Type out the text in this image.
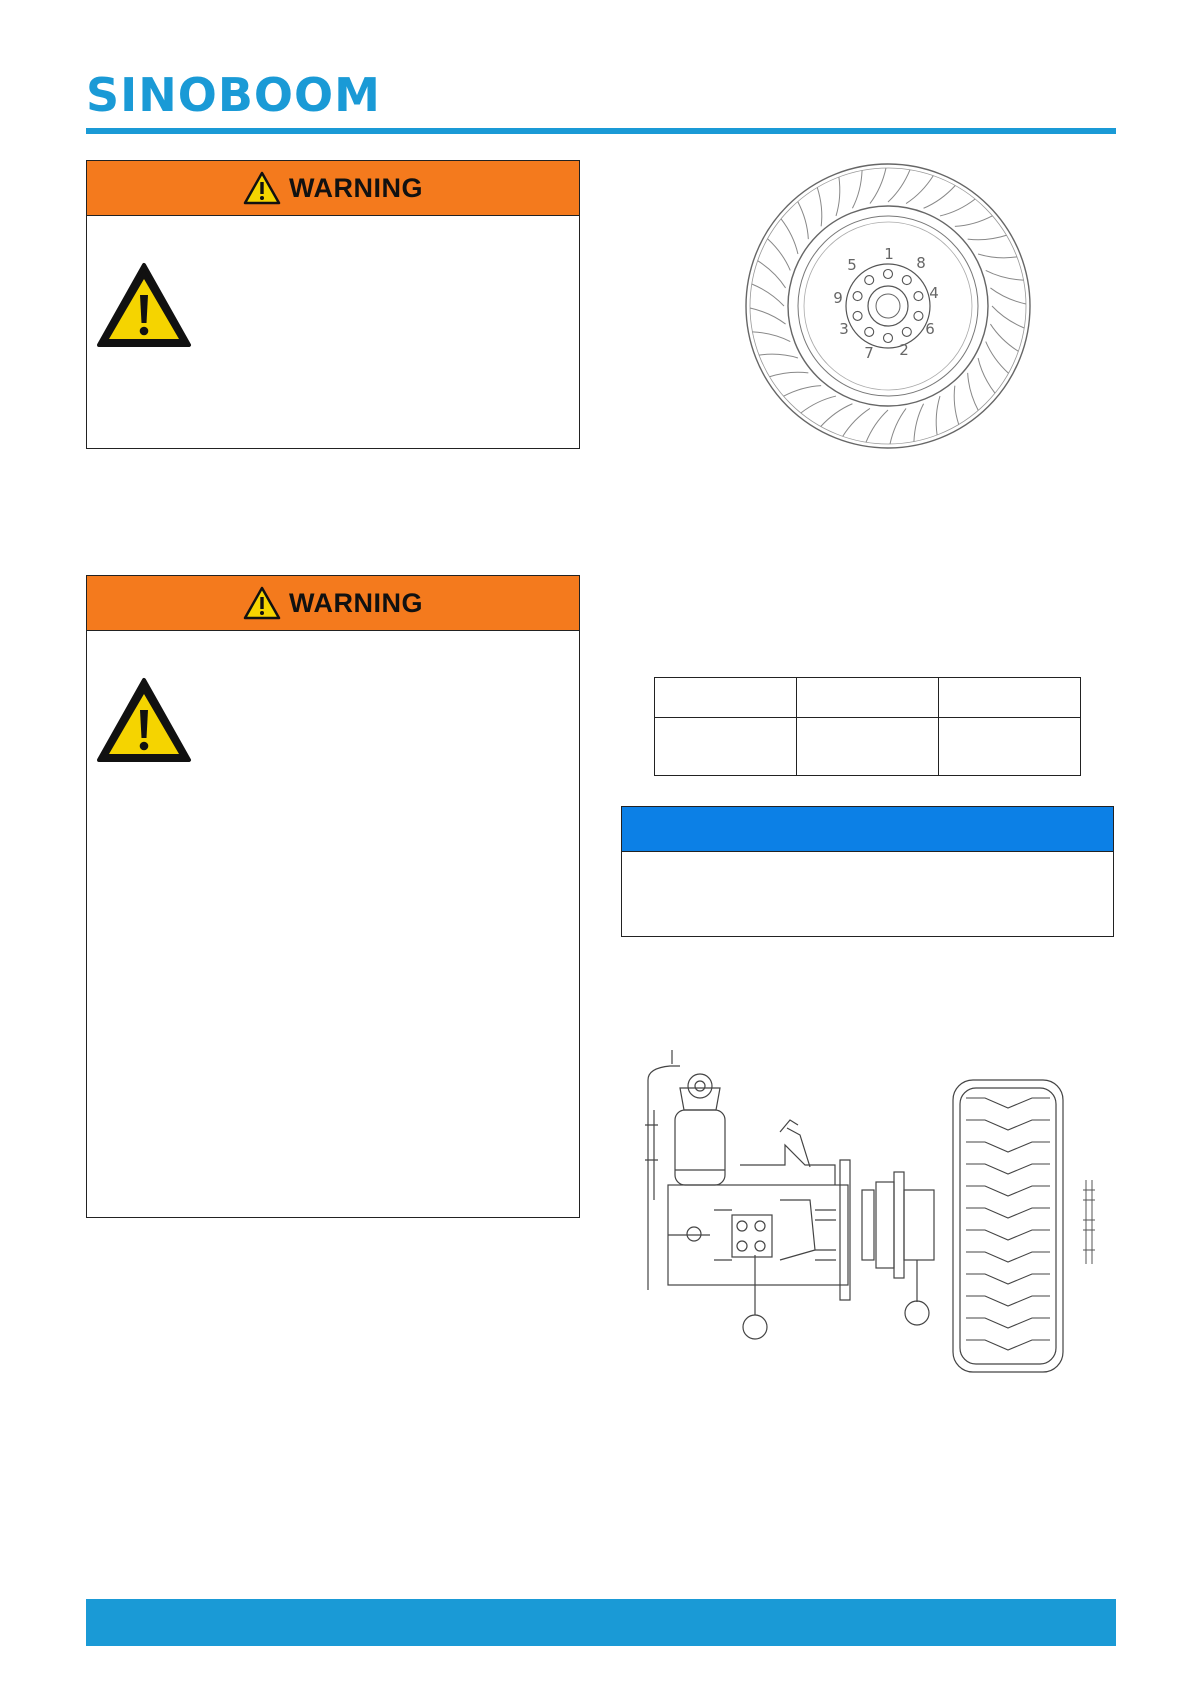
SINOBOOM
WARNING
WARNING
1 8
4
6
2
7
3
9
5
